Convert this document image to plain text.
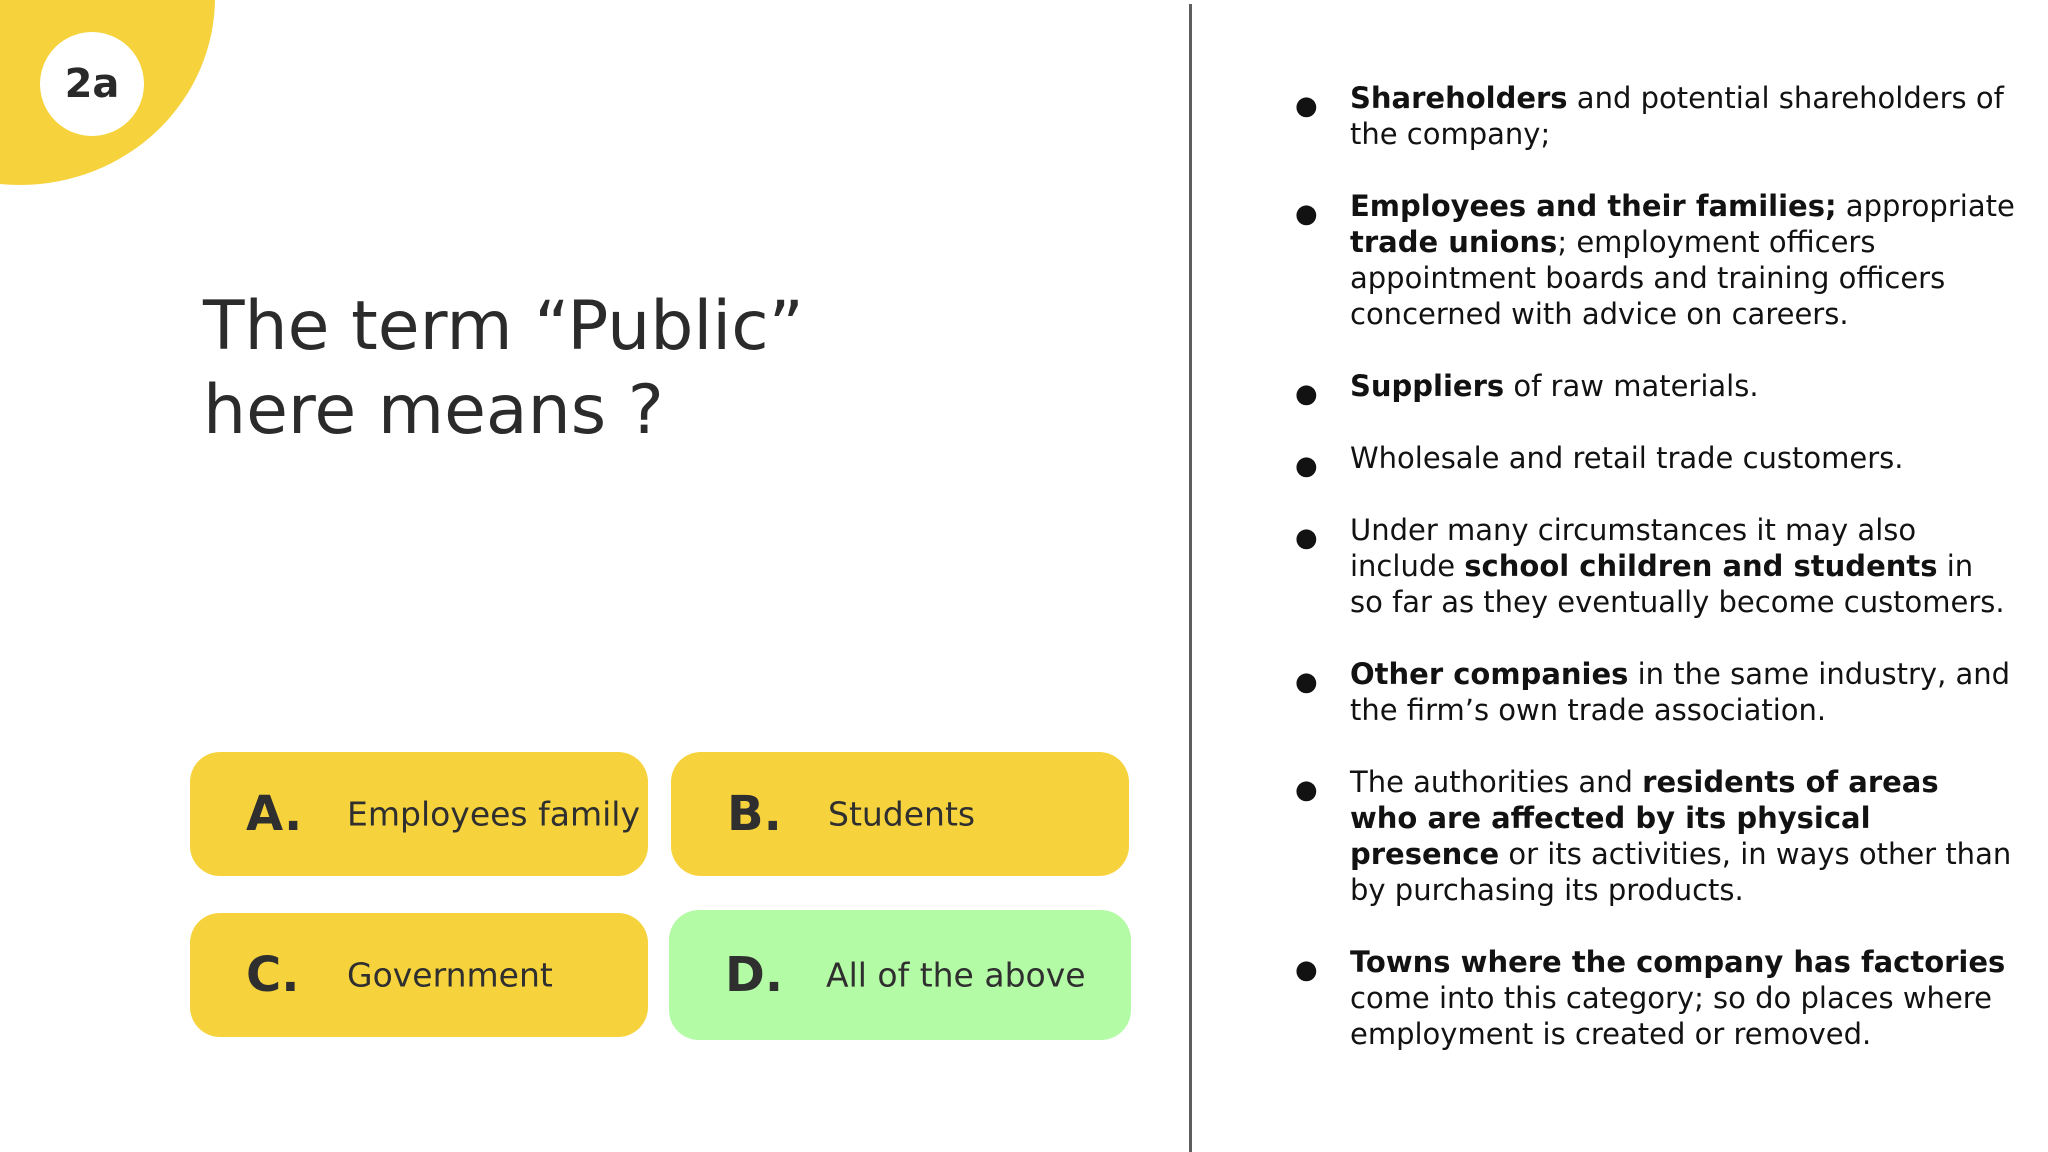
2a
The term “Public” here means ?
A. Employees family B. Students
C. Government	D. All of the above
● Shareholders and potential shareholders of the company;
● Employees and their families; appropriate trade unions; employment officers appointment boards and training officers concerned with advice on careers.
● Suppliers of raw materials.
● Wholesale and retail trade customers.
● Under many circumstances it may also include school children and students in so far as they eventually become customers.
● Other companies in the same industry, and the firm’s own trade association.
● The authorities and residents of areas who are affected by its physical presence or its activities, in ways other than by purchasing its products.
● Towns where the company has factories come into this category; so do places where employment is created or removed.
